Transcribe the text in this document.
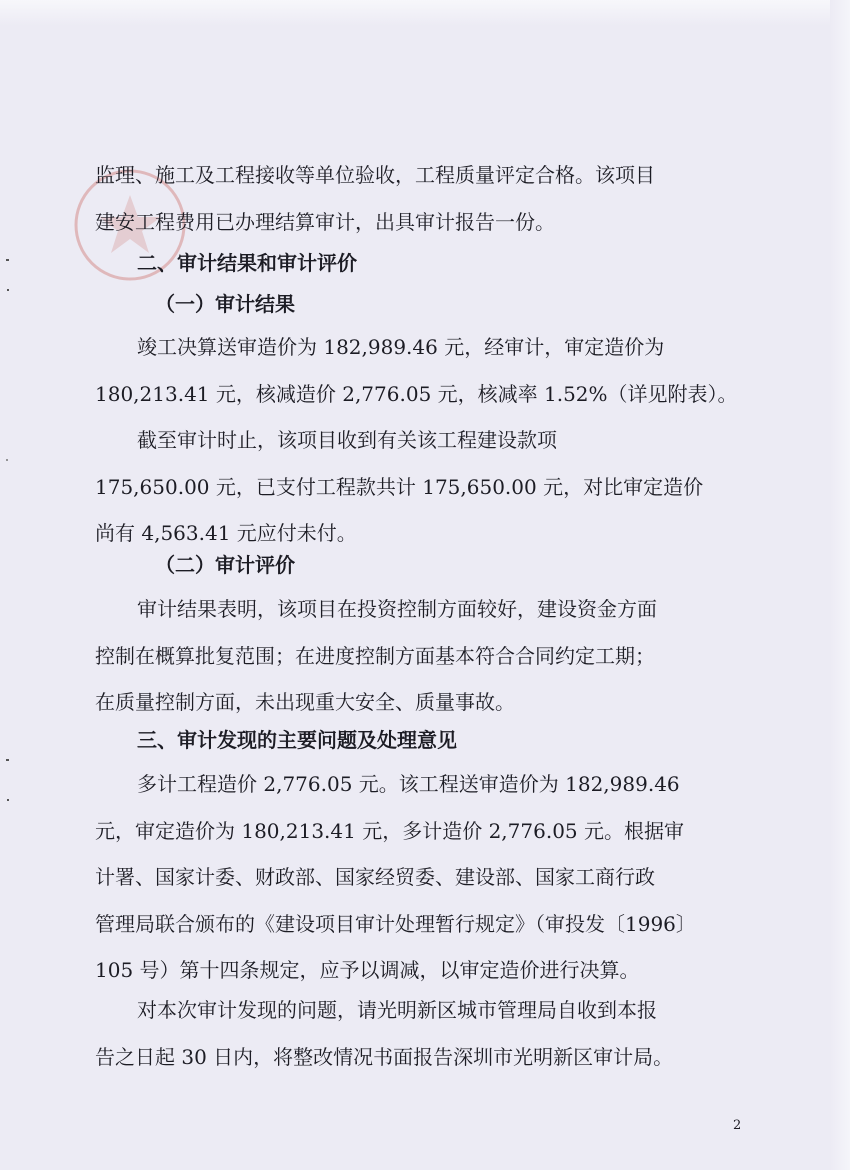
监理、施工及工程接收等单位验收，工程质量评定合格。该项目
建安工程费用已办理结算审计，出具审计报告一份。
二、审计结果和审计评价
（一）审计结果
竣工决算送审造价为 182,989.46 元，经审计，审定造价为
180,213.41 元，核减造价 2,776.05 元，核减率 1.52%（详见附表）。
截至审计时止，该项目收到有关该工程建设款项
175,650.00 元，已支付工程款共计 175,650.00 元，对比审定造价
尚有 4,563.41 元应付未付。
（二）审计评价
审计结果表明，该项目在投资控制方面较好，建设资金方面
控制在概算批复范围；在进度控制方面基本符合合同约定工期；
在质量控制方面，未出现重大安全、质量事故。
三、审计发现的主要问题及处理意见
多计工程造价 2,776.05 元。该工程送审造价为 182,989.46
元，审定造价为 180,213.41 元，多计造价 2,776.05 元。根据审
计署、国家计委、财政部、国家经贸委、建设部、国家工商行政
管理局联合颁布的《建设项目审计处理暂行规定》（审投发〔1996〕
105 号）第十四条规定，应予以调减，以审定造价进行决算。
对本次审计发现的问题，请光明新区城市管理局自收到本报
告之日起 30 日内，将整改情况书面报告深圳市光明新区审计局。
2
